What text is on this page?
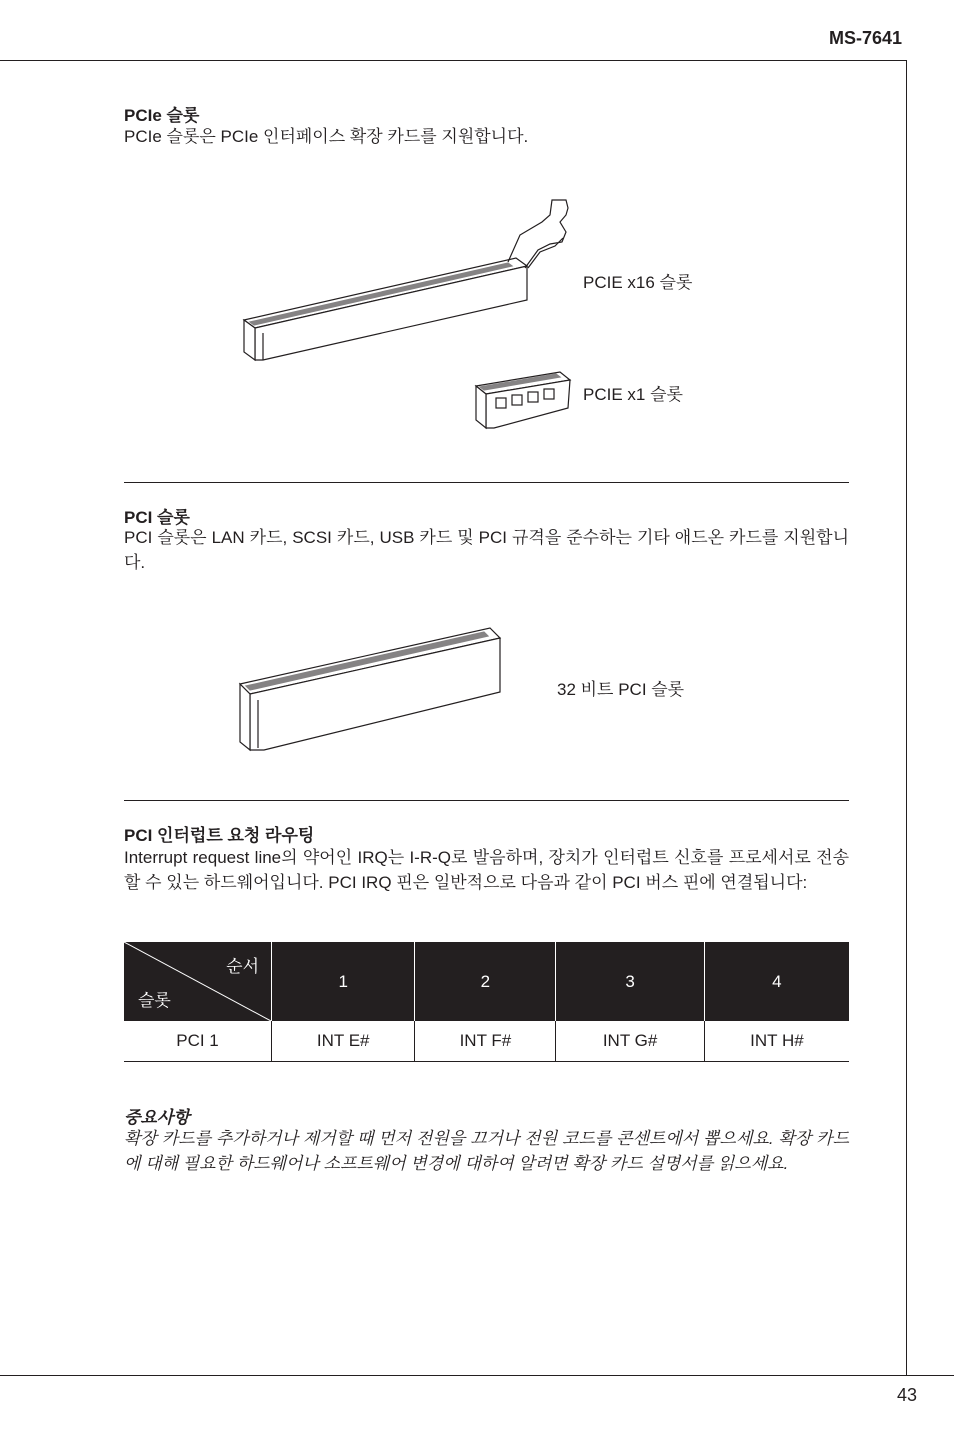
MS-7641
PCIe 슬롯
PCIe 슬롯은 PCIe 인터페이스 확장 카드를 지원합니다.
PCIE x16 슬롯
PCIE x1 슬롯
PCI 슬롯
PCI 슬롯은 LAN 카드, SCSI 카드, USB 카드 및 PCI 규격을 준수하는 기타 애드온 카드를 지원합니다.
32 비트 PCI 슬롯
PCI 인터럽트 요청 라우팅
Interrupt request line의 약어인 IRQ는 I-R-Q로 발음하며, 장치가 인터럽트 신호를 프로세서로 전송할 수 있는 하드웨어입니다. PCI IRQ 핀은 일반적으로 다음과 같이 PCI 버스 핀에 연결됩니다:
순서
슬롯	1	2	3	4
PCI 1	INT E#	INT F#	INT G#	INT H#
중요사항
확장 카드를 추가하거나 제거할 때 먼저 전원을 끄거나 전원 코드를 콘센트에서 뽑으세요. 확장 카드에 대해 필요한 하드웨어나 소프트웨어 변경에 대하여 알려면 확장 카드 설명서를 읽으세요.
43
